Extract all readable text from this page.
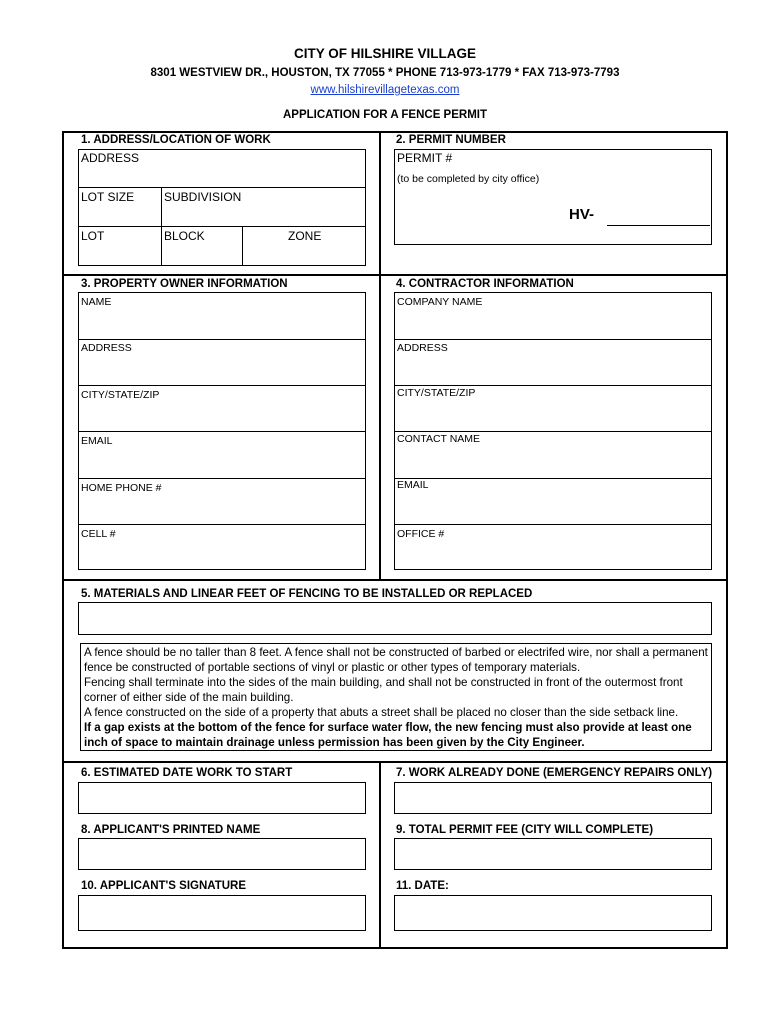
CITY OF HILSHIRE VILLAGE
8301 WESTVIEW DR., HOUSTON, TX 77055 * PHONE 713-973-1779 * FAX 713-973-7793
www.hilshirevillagetexas.com
APPLICATION FOR A FENCE PERMIT
1. ADDRESS/LOCATION OF WORK
ADDRESS
LOT SIZE SUBDIVISION
LOT	BLOCK	ZONE
2. PERMIT NUMBER
PERMIT #
(to be completed by city office)
HV-
3. PROPERTY OWNER INFORMATION
NAME
ADDRESS
CITY/STATE/ZIP
EMAIL
HOME PHONE #
CELL #
4. CONTRACTOR INFORMATION
COMPANY NAME
ADDRESS
CITY/STATE/ZIP
CONTACT NAME
EMAIL
OFFICE #
5. MATERIALS AND LINEAR FEET OF FENCING TO BE INSTALLED OR REPLACED

A fence should be no taller than 8 feet. A fence shall not be constructed of barbed or electrifed wire, nor shall a permanent fence be constructed of portable sections of vinyl or plastic or other types of temporary materials.

Fencing shall terminate into the sides of the main building, and shall not be constructed in front of the outermost front corner of either side of the main building.

A fence constructed on the side of a property that abuts a street shall be placed no closer than the side setback line.

If a gap exists at the bottom of the fence for surface water flow, the new fencing must also provide at least one inch of space to maintain drainage unless permission has been given by the City Engineer.

6. ESTIMATED DATE WORK TO START	7. WORK ALREADY DONE (EMERGENCY REPAIRS ONLY)
8. APPLICANT'S PRINTED NAME	9. TOTAL PERMIT FEE (CITY WILL COMPLETE)
10. APPLICANT'S SIGNATURE	11. DATE:
